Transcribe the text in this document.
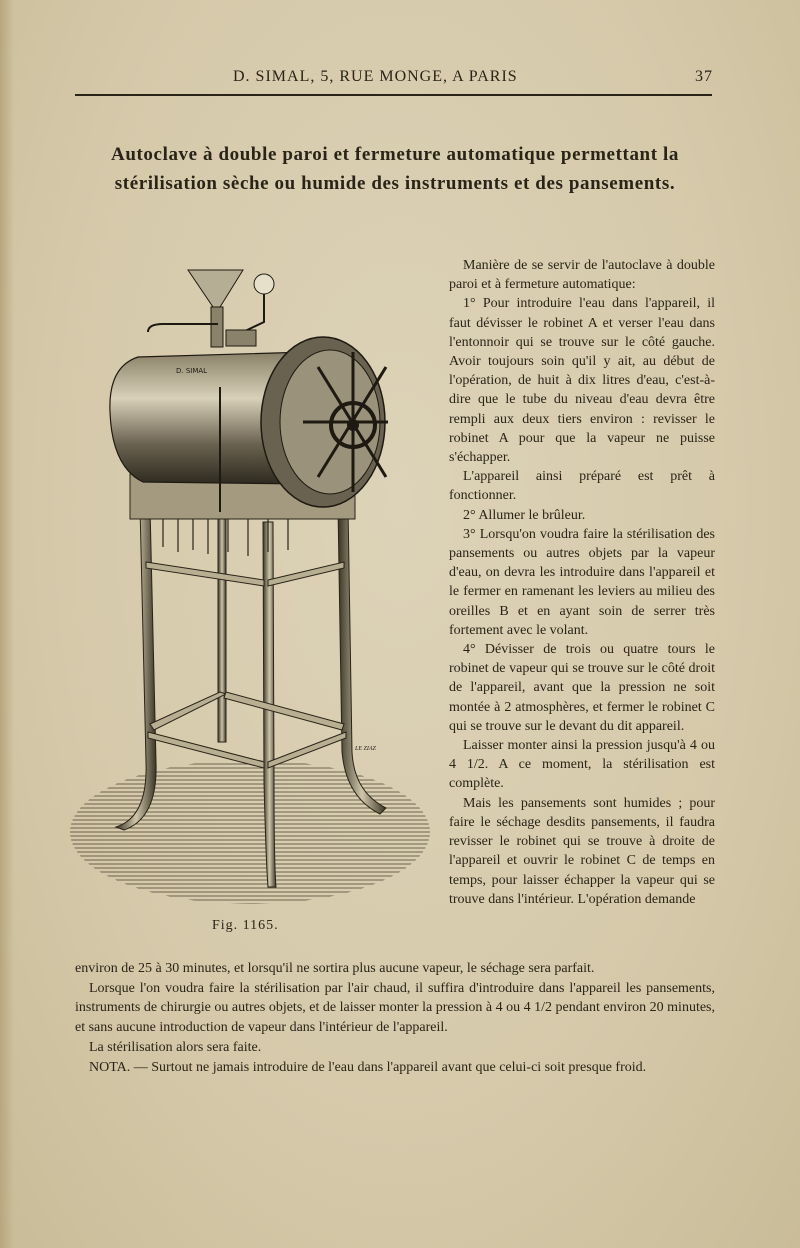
D. SIMAL, 5, RUE MONGE, A PARIS	37
Autoclave à double paroi et fermeture automatique permettant la stérilisation sèche ou humide des instruments et des pansements.
D. SIMAL
LE ZIAZ
Fig. 1165.

Manière de se servir de l'autoclave à double paroi et à fermeture automatique:

1° Pour introduire l'eau dans l'appareil, il faut dévisser le robinet A et verser l'eau dans l'entonnoir qui se trouve sur le côté gauche. Avoir toujours soin qu'il y ait, au début de l'opération, de huit à dix litres d'eau, c'est-à-dire que le tube du niveau d'eau devra être rempli aux deux tiers environ : revisser le robinet A pour que la vapeur ne puisse s'échapper.

L'appareil ainsi préparé est prêt à fonctionner.

2° Allumer le brûleur.

3° Lorsqu'on voudra faire la stérilisation des pansements ou autres objets par la vapeur d'eau, on devra les introduire dans l'appareil et le fermer en ramenant les leviers au milieu des oreilles B et en ayant soin de serrer très fortement avec le volant.

4° Dévisser de trois ou quatre tours le robinet de vapeur qui se trouve sur le côté droit de l'appareil, avant que la pression ne soit montée à 2 atmosphères, et fermer le robinet C qui se trouve sur le devant du dit appareil.

Laisser monter ainsi la pression jusqu'à 4 ou 4 1/2. A ce moment, la stérilisation est complète.

Mais les pansements sont humides ; pour faire le séchage desdits pansements, il faudra revisser le robinet qui se trouve à droite de l'appareil et ouvrir le robinet C de temps en temps, pour laisser échapper la vapeur qui se trouve dans l'intérieur. L'opération demande

environ de 25 à 30 minutes, et lorsqu'il ne sortira plus aucune vapeur, le séchage sera parfait.

Lorsque l'on voudra faire la stérilisation par l'air chaud, il suffira d'introduire dans l'appareil les pansements, instruments de chirurgie ou autres objets, et de laisser monter la pression à 4 ou 4 1/2 pendant environ 20 minutes, et sans aucune introduction de vapeur dans l'intérieur de l'appareil.

La stérilisation alors sera faite.

NOTA. — Surtout ne jamais introduire de l'eau dans l'appareil avant que celui-ci soit presque froid.
